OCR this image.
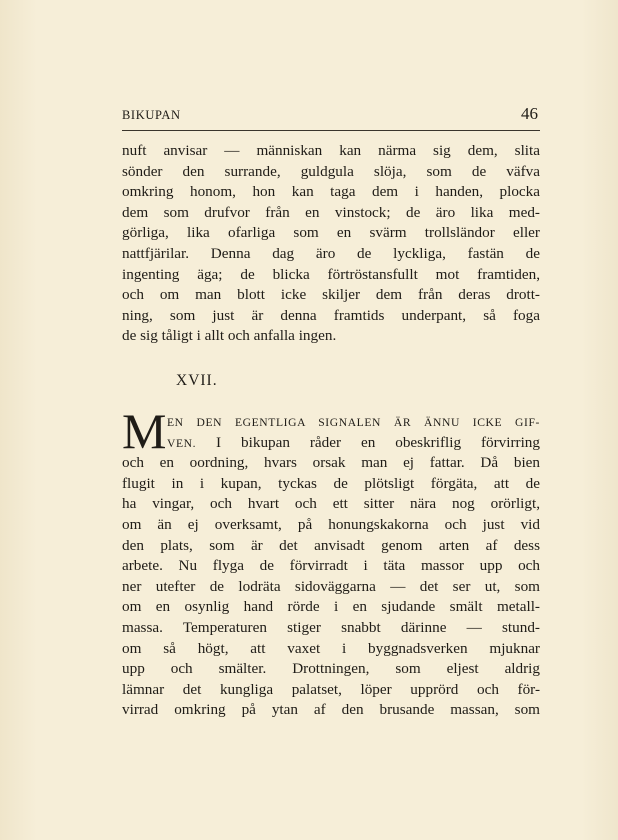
BIKUPAN	46
nuft anvisar — människan kan närma sig dem, slita
sönder den surrande, guldgula slöja, som de väfva
omkring honom, hon kan taga dem i handen, plocka
dem som drufvor från en vinstock; de äro lika med-
görliga, lika ofarliga som en svärm trollsländor eller
nattfjärilar. Denna dag äro de lyckliga, fastän de
ingenting äga; de blicka förtröstansfullt mot framtiden,
och om man blott icke skiljer dem från deras drott-
ning, som just är denna framtids underpant, så foga
de sig tåligt i allt och anfalla ingen.
XVII.
M EN DEN EGENTLIGA SIGNALEN ÄR ÄNNU ICKE GIF-
VEN. I bikupan råder en obeskriflig förvirring
och en oordning, hvars orsak man ej fattar. Då bien
flugit in i kupan, tyckas de plötsligt förgäta, att de
ha vingar, och hvart och ett sitter nära nog orörligt,
om än ej overksamt, på honungskakorna och just vid
den plats, som är det anvisadt genom arten af dess
arbete. Nu flyga de förvirradt i täta massor upp och
ner utefter de lodräta sidoväggarna — det ser ut, som
om en osynlig hand rörde i en sjudande smält metall-
massa. Temperaturen stiger snabbt därinne — stund-
om så högt, att vaxet i byggnadsverken mjuknar
upp och smälter. Drottningen, som eljest aldrig
lämnar det kungliga palatset, löper upprörd och för-
virrad omkring på ytan af den brusande massan, som
